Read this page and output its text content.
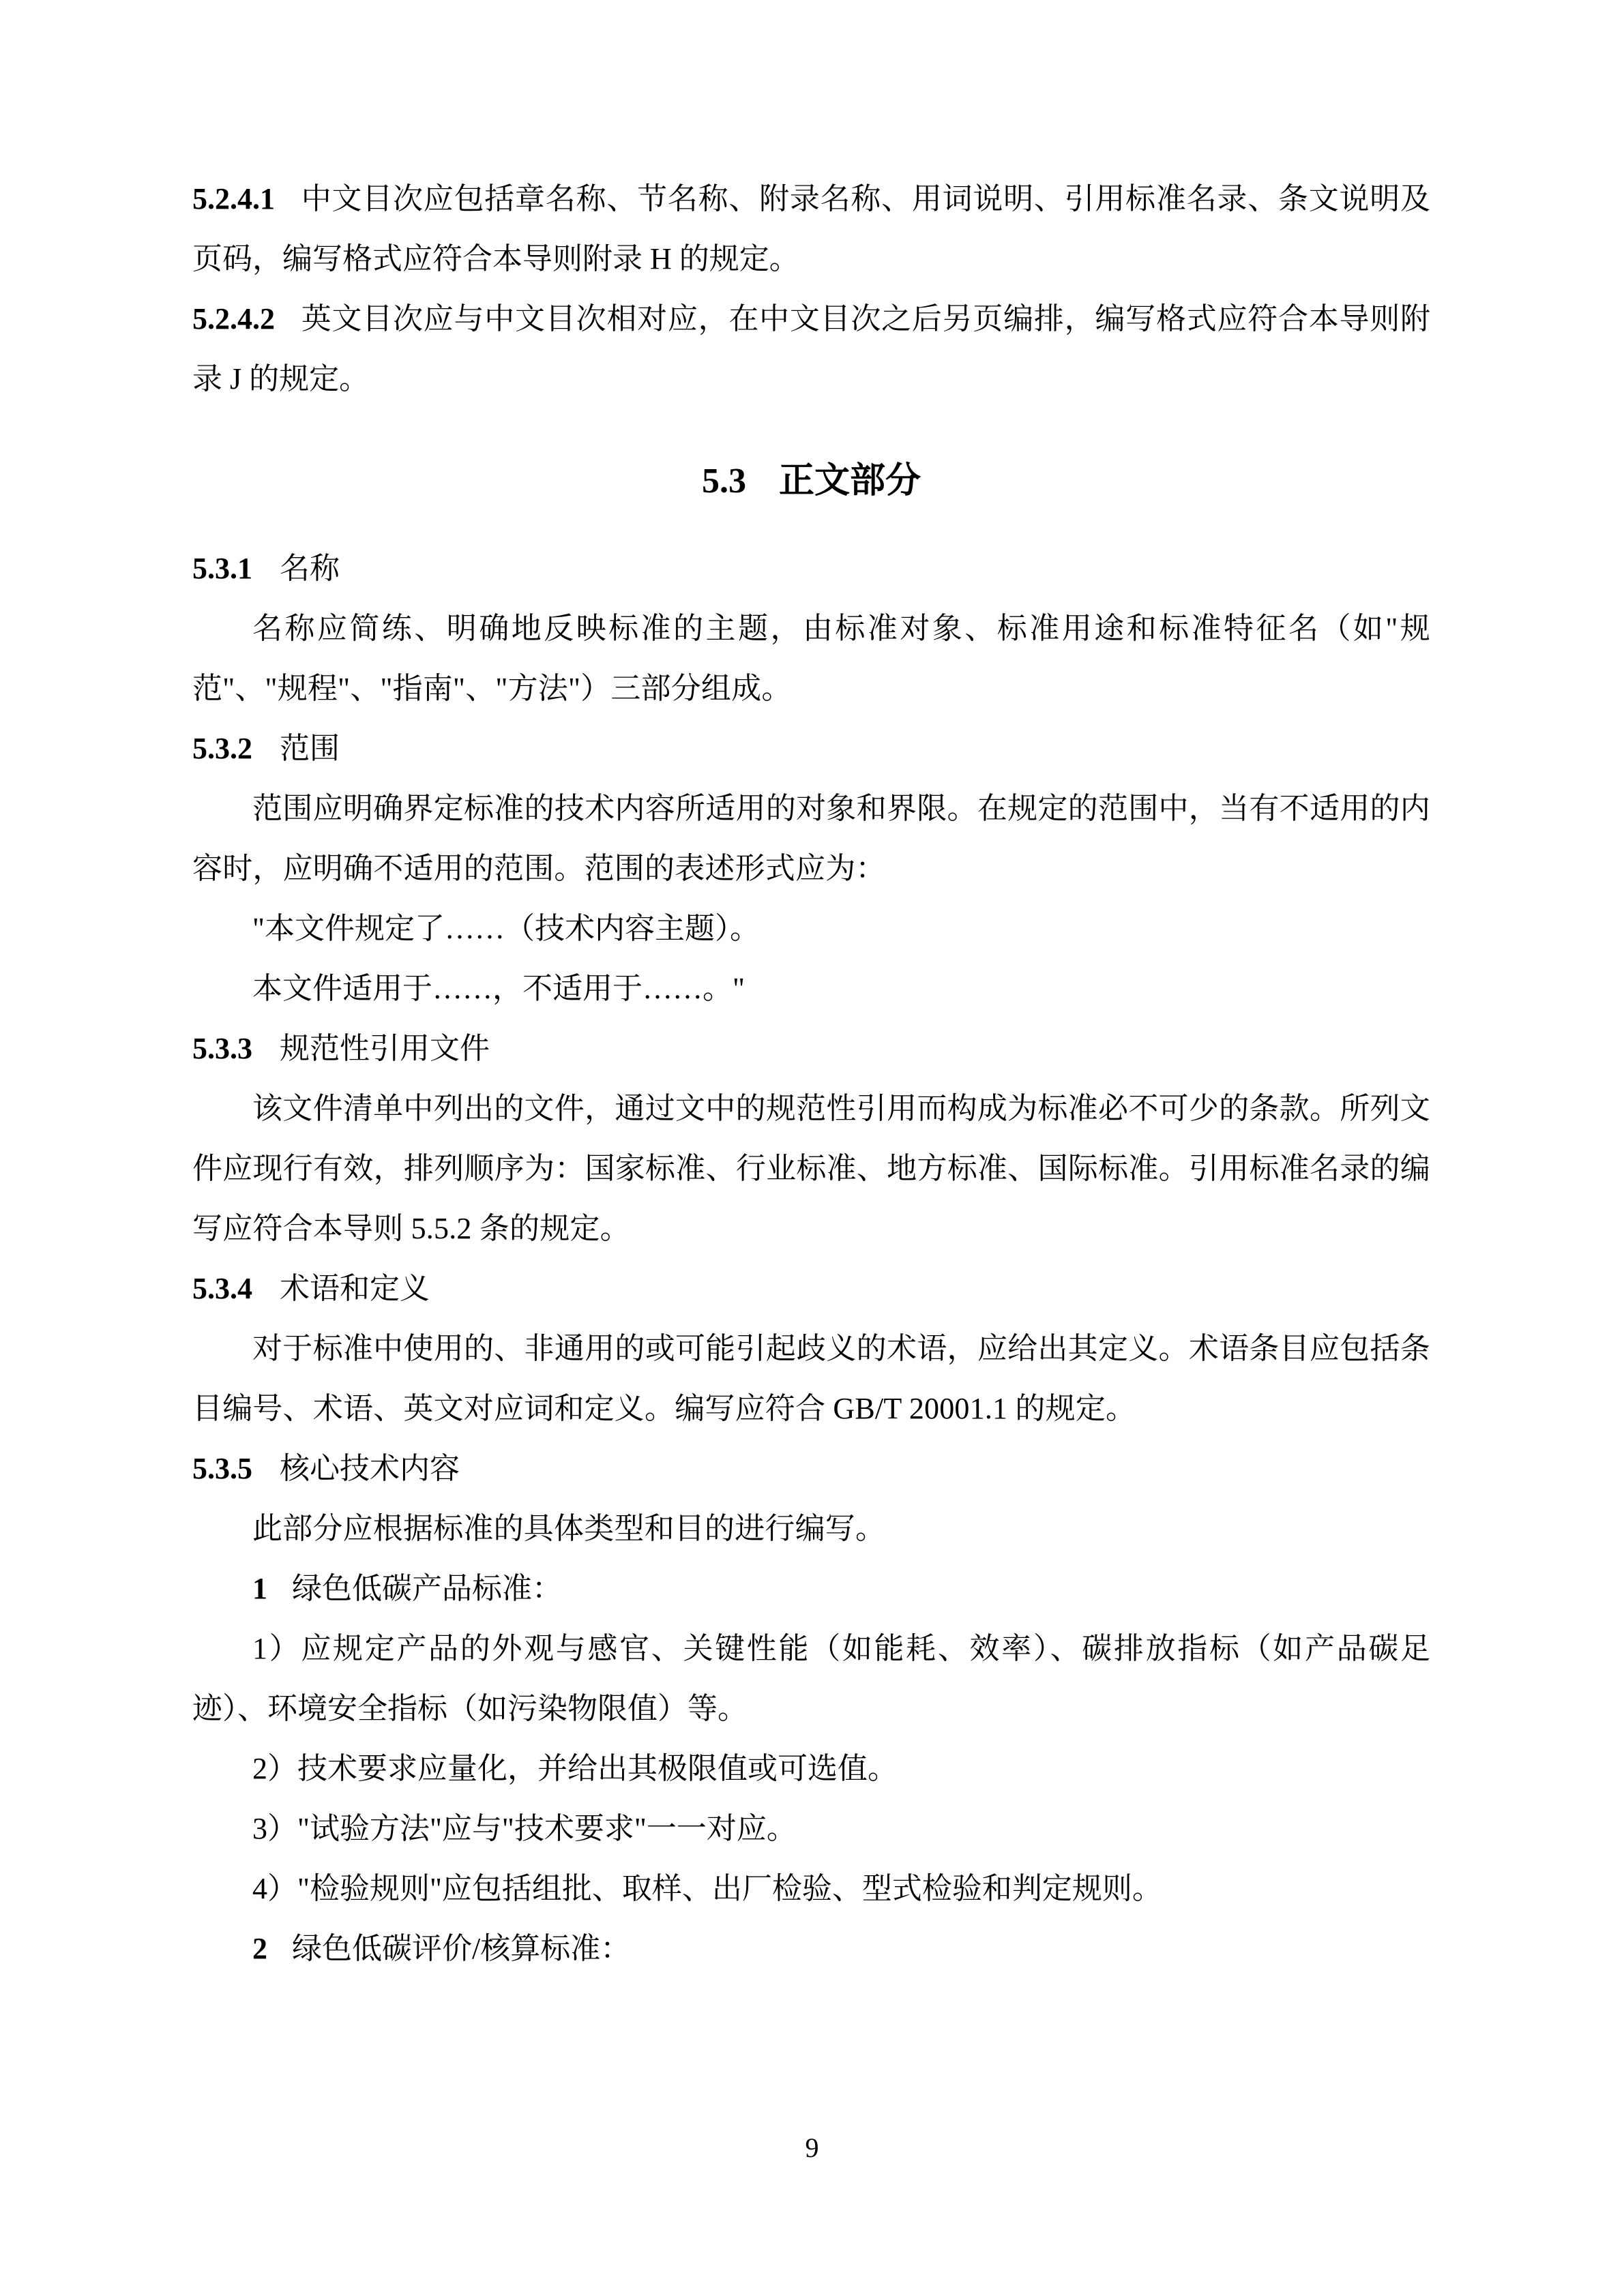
5.2.4.1 中文目次应包括章名称、节名称、附录名称、用词说明、引用标准名录、条文说明及页码，编写格式应符合本导则附录 H 的规定。

5.2.4.2 英文目次应与中文目次相对应，在中文目次之后另页编排，编写格式应符合本导则附录 J 的规定。

5.3 正文部分

5.3.1 名称

名称应简练、明确地反映标准的主题，由标准对象、标准用途和标准特征名（如"规范"、"规程"、"指南"、"方法"）三部分组成。

5.3.2 范围

范围应明确界定标准的技术内容所适用的对象和界限。在规定的范围中，当有不适用的内容时，应明确不适用的范围。范围的表述形式应为：

"本文件规定了……（技术内容主题）。

本文件适用于……，不适用于……。"

5.3.3 规范性引用文件

该文件清单中列出的文件，通过文中的规范性引用而构成为标准必不可少的条款。所列文件应现行有效，排列顺序为：国家标准、行业标准、地方标准、国际标准。引用标准名录的编写应符合本导则 5.5.2 条的规定。

5.3.4 术语和定义

对于标准中使用的、非通用的或可能引起歧义的术语，应给出其定义。术语条目应包括条目编号、术语、英文对应词和定义。编写应符合 GB/T 20001.1 的规定。

5.3.5 核心技术内容

此部分应根据标准的具体类型和目的进行编写。

1 绿色低碳产品标准：

1）应规定产品的外观与感官、关键性能（如能耗、效率）、碳排放指标（如产品碳足迹）、环境安全指标（如污染物限值）等。

2）技术要求应量化，并给出其极限值或可选值。

3）"试验方法"应与"技术要求"一一对应。

4）"检验规则"应包括组批、取样、出厂检验、型式检验和判定规则。

2 绿色低碳评价/核算标准：

9
